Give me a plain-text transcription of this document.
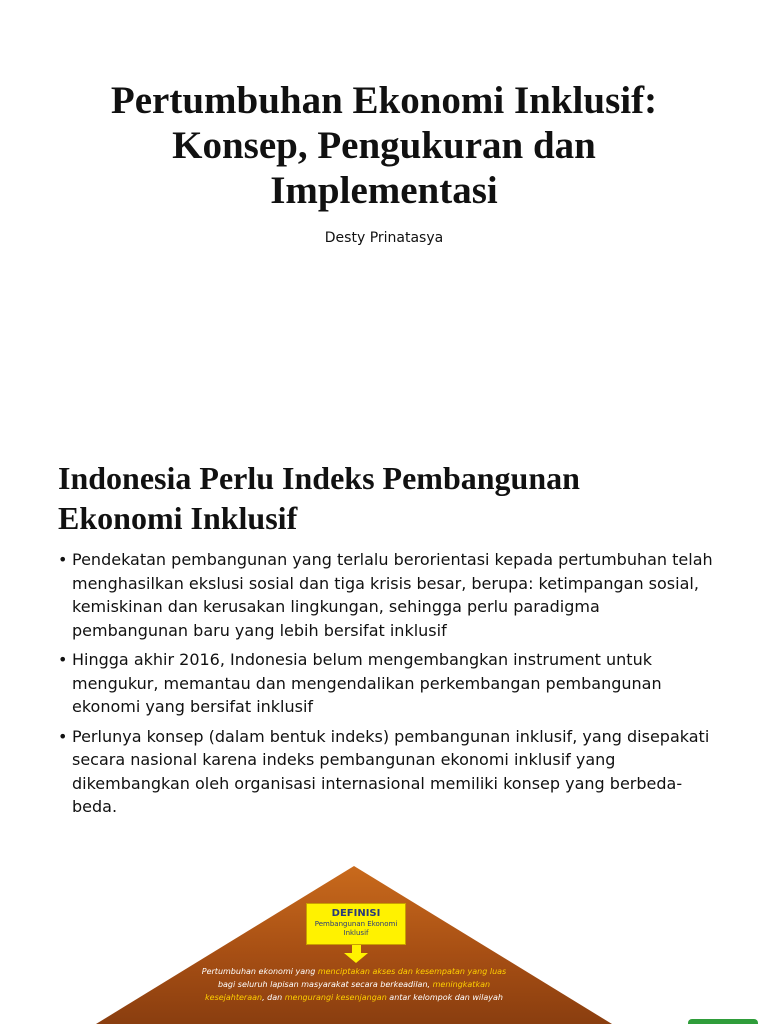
Pertumbuhan Ekonomi Inklusif: Konsep, Pengukuran dan Implementasi
Desty Prinatasya
Indonesia Perlu Indeks Pembangunan Ekonomi Inklusif
• Pendekatan pembangunan yang terlalu berorientasi kepada pertumbuhan telah menghasilkan ekslusi sosial dan tiga krisis besar, berupa: ketimpangan sosial, kemiskinan dan kerusakan lingkungan, sehingga perlu paradigma pembangunan baru yang lebih bersifat inklusif
• Hingga akhir 2016, Indonesia belum mengembangkan instrument untuk mengukur, memantau dan mengendalikan perkembangan pembangunan ekonomi yang bersifat inklusif
• Perlunya konsep (dalam bentuk indeks) pembangunan inklusif, yang disepakati secara nasional karena indeks pembangunan ekonomi inklusif yang dikembangkan oleh organisasi internasional memiliki konsep yang berbeda-beda.
DEFINISI
Pembangunan Ekonomi Inklusif

Pertumbuhan ekonomi yang menciptakan akses dan kesempatan yang luas bagi seluruh lapisan masyarakat secara berkeadilan, meningkatkan kesejahteraan, dan mengurangi kesenjangan antar kelompok dan wilayah
